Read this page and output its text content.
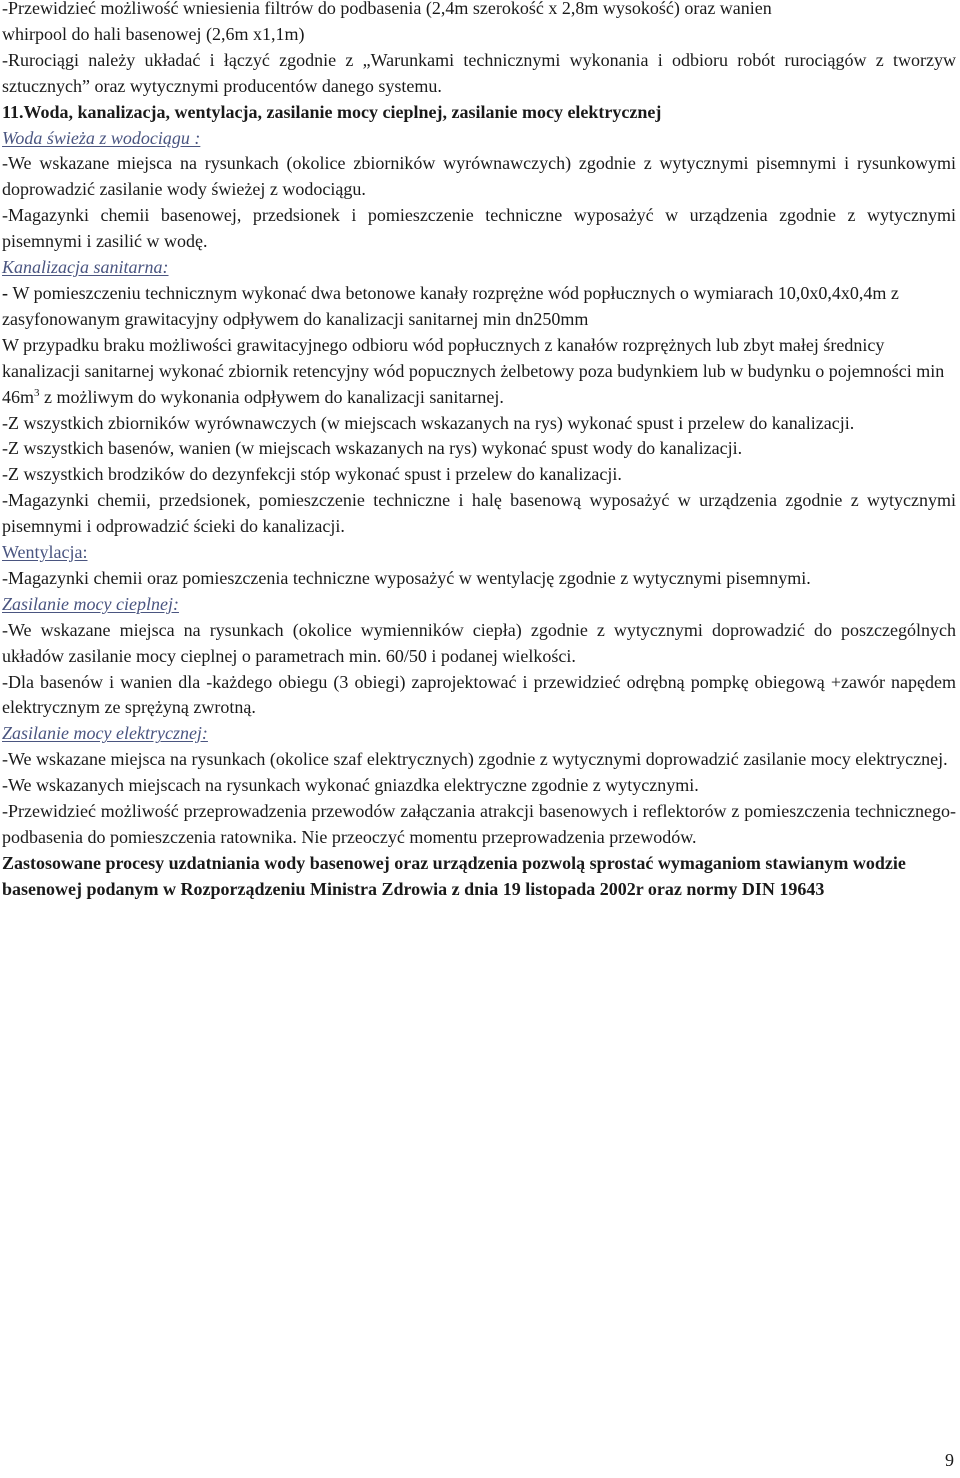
-Przewidzieć możliwość wniesienia filtrów do podbasenia (2,4m szerokość x 2,8m wysokość) oraz wanien

whirpool do hali basenowej (2,6m x1,1m)

-Rurociągi należy układać i łączyć zgodnie z „Warunkami technicznymi wykonania i odbioru robót rurociągów z tworzyw sztucznych” oraz wytycznymi producentów danego systemu.

11.Woda, kanalizacja, wentylacja, zasilanie mocy cieplnej, zasilanie mocy elektrycznej

Woda świeża z wodociągu :

-We wskazane miejsca na rysunkach (okolice zbiorników wyrównawczych) zgodnie z wytycznymi pisemnymi i rysunkowymi doprowadzić zasilanie wody świeżej z wodociągu.

-Magazynki chemii basenowej, przedsionek i pomieszczenie techniczne wyposażyć w urządzenia zgodnie z wytycznymi pisemnymi i zasilić w wodę.

Kanalizacja sanitarna:

- W pomieszczeniu technicznym wykonać dwa betonowe kanały rozprężne wód popłucznych o wymiarach 10,0x0,4x0,4m z zasyfonowanym grawitacyjny odpływem do kanalizacji sanitarnej min dn250mm

W przypadku braku możliwości grawitacyjnego odbioru wód popłucznych z kanałów rozprężnych lub zbyt małej średnicy kanalizacji sanitarnej wykonać zbiornik retencyjny wód popucznych żelbetowy poza budynkiem lub w budynku o pojemności $\min 46m^3$ z możliwym do wykonania odpływem do kanalizacji sanitarnej.

-Z wszystkich zbiorników wyrównawczych (w miejscach wskazanych na rys) wykonać spust i przelew do kanalizacji.

-Z wszystkich basenów, wanien (w miejscach wskazanych na rys) wykonać spust wody do kanalizacji.

-Z wszystkich brodzików do dezynfekcji stóp wykonać spust i przelew do kanalizacji.

-Magazynki chemii, przedsionek, pomieszczenie techniczne i halę basenową wyposażyć w urządzenia zgodnie z wytycznymi pisemnymi i odprowadzić ścieki do kanalizacji.

Wentylacja:

-Magazynki chemii oraz pomieszczenia techniczne wyposażyć w wentylację zgodnie z wytycznymi pisemnymi.

Zasilanie mocy cieplnej:

-We wskazane miejsca na rysunkach (okolice wymienników ciepła) zgodnie z wytycznymi doprowadzić do poszczególnych układów zasilanie mocy cieplnej o parametrach min. 60/50 i podanej wielkości.

-Dla basenów i wanien dla -każdego obiegu (3 obiegi) zaprojektować i przewidzieć odrębną pompkę obiegową +zawór napędem elektrycznym ze sprężyną zwrotną.

Zasilanie mocy elektrycznej:

-We wskazane miejsca na rysunkach (okolice szaf elektrycznych) zgodnie z wytycznymi doprowadzić zasilanie mocy elektrycznej.

-We wskazanych miejscach na rysunkach wykonać gniazdka elektryczne zgodnie z wytycznymi.

-Przewidzieć możliwość przeprowadzenia przewodów załączania atrakcji basenowych i reflektorów z pomieszczenia technicznego-podbasenia do pomieszczenia ratownika. Nie przeoczyć momentu przeprowadzenia przewodów.

Zastosowane procesy uzdatniania wody basenowej oraz urządzenia pozwolą sprostać wymaganiom stawianym wodzie basenowej podanym w Rozporządzeniu Ministra Zdrowia z dnia 19 listopada 2002r oraz normy DIN 19643

9
